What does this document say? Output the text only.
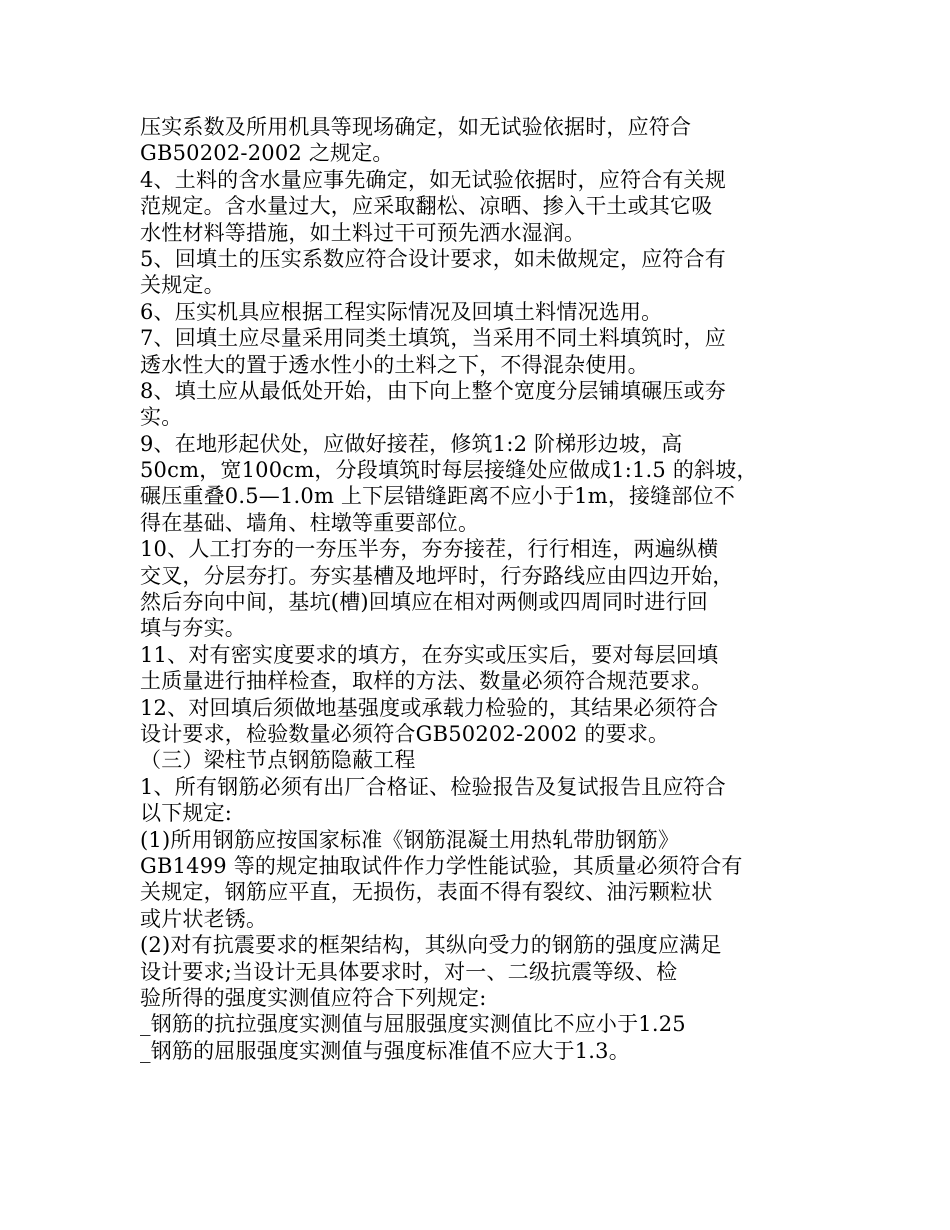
压实系数及所用机具等现场确定，如无试验依据时，应符合
GB50202-2002 之规定。
4、土料的含水量应事先确定，如无试验依据时，应符合有关规
范规定。含水量过大，应采取翻松、凉晒、掺入干土或其它吸
水性材料等措施，如土料过干可预先洒水湿润。
5、回填土的压实系数应符合设计要求，如未做规定，应符合有
关规定。
6、压实机具应根据工程实际情况及回填土料情况选用。
7、回填土应尽量采用同类土填筑，当采用不同土料填筑时，应
透水性大的置于透水性小的土料之下，不得混杂使用。
8、填土应从最低处开始，由下向上整个宽度分层铺填碾压或夯
实。
9、在地形起伏处，应做好接茬，修筑1:2 阶梯形边坡，高
50cm，宽100cm，分段填筑时每层接缝处应做成1:1.5 的斜坡，
碾压重叠0.5—1.0m 上下层错缝距离不应小于1m，接缝部位不
得在基础、墙角、柱墩等重要部位。
10、人工打夯的一夯压半夯，夯夯接茬，行行相连，两遍纵横
交叉，分层夯打。夯实基槽及地坪时，行夯路线应由四边开始，
然后夯向中间，基坑(槽)回填应在相对两侧或四周同时进行回
填与夯实。
11、对有密实度要求的填方，在夯实或压实后，要对每层回填
土质量进行抽样检查，取样的方法、数量必须符合规范要求。
12、对回填后须做地基强度或承载力检验的，其结果必须符合
设计要求，检验数量必须符合GB50202-2002 的要求。
（三）梁柱节点钢筋隐蔽工程
1、所有钢筋必须有出厂合格证、检验报告及复试报告且应符合
以下规定:
(1)所用钢筋应按国家标准《钢筋混凝土用热轧带肋钢筋》
GB1499 等的规定抽取试件作力学性能试验，其质量必须符合有
关规定，钢筋应平直，无损伤，表面不得有裂纹、油污颗粒状
或片状老锈。
(2)对有抗震要求的框架结构，其纵向受力的钢筋的强度应满足
设计要求;当设计无具体要求时，对一、二级抗震等级、检
验所得的强度实测值应符合下列规定:
_钢筋的抗拉强度实测值与屈服强度实测值比不应小于1.25
_钢筋的屈服强度实测值与强度标准值不应大于1.3。
